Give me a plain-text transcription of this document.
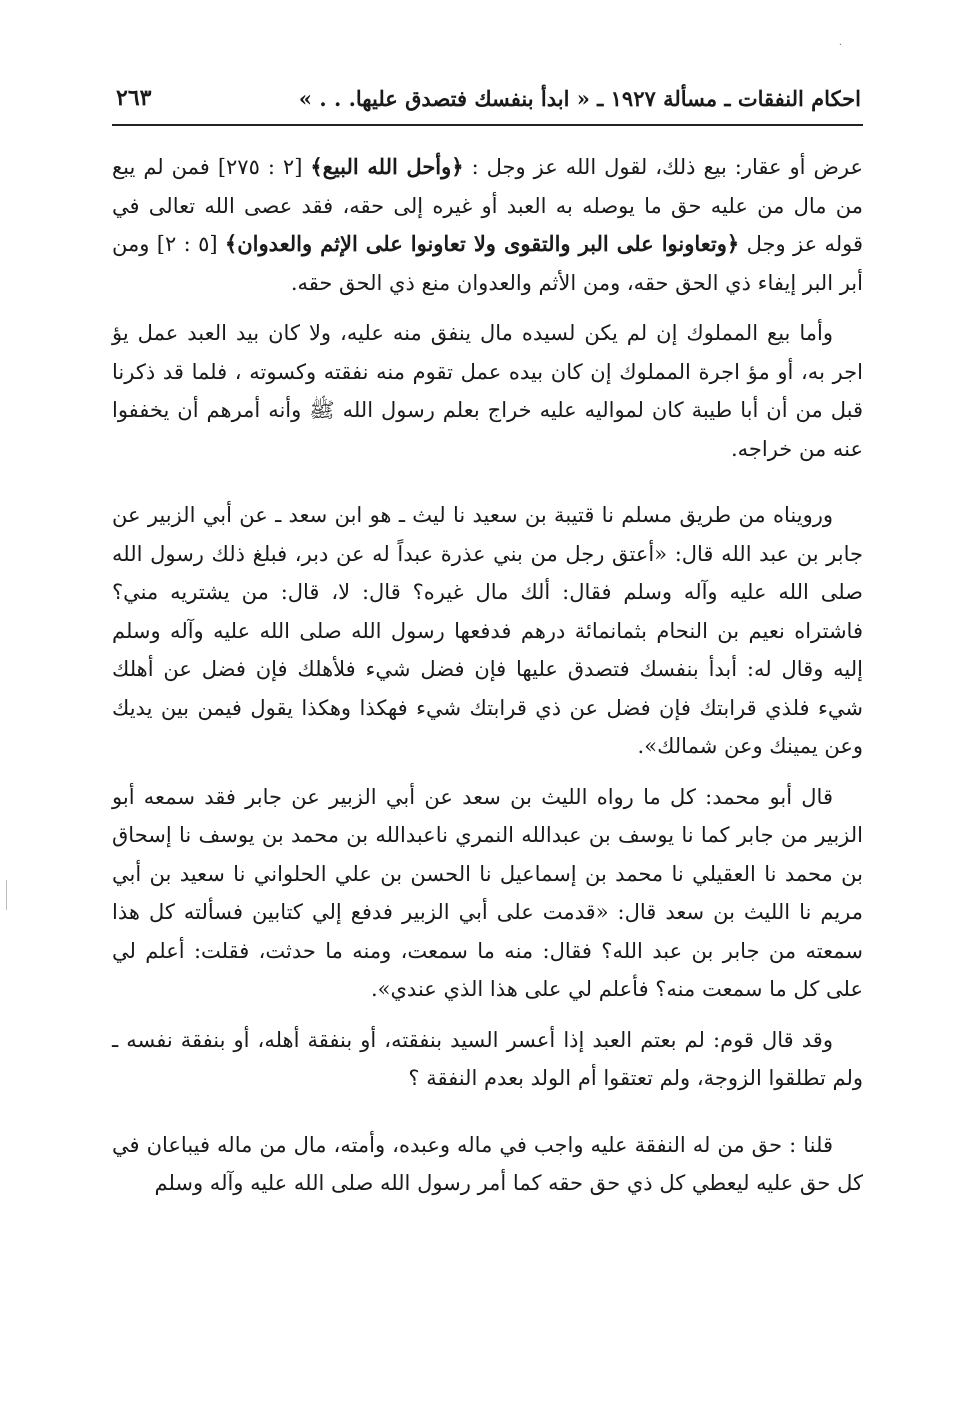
·
احكام النفقات ـ مسألة ١٩٢٧ ـ « ابدأ بنفسك فتصدق عليها. . . »
٢٦٣

عرض أو عقار: بيع ذلك، لقول الله عز وجل : ﴿وأحل الله البيع﴾ [٢ : ٢٧٥] فمن لم يبع من مال من عليه حق ما يوصله به العبد أو غيره إلى حقه، فقد عصى الله تعالى في قوله عز وجل ﴿وتعاونوا على البر والتقوى ولا تعاونوا على الإثم والعدوان﴾ [٥ : ٢] ومن أبر البر إيفاء ذي الحق حقه، ومن الأثم والعدوان منع ذي الحق حقه.

وأما بيع المملوك إن لم يكن لسيده مال ينفق منه عليه، ولا كان بيد العبد عمل يؤ اجر به، أو مؤ اجرة المملوك إن كان بيده عمل تقوم منه نفقته وكسوته ، فلما قد ذكرنا قبل من أن أبا طيبة كان لمواليه عليه خراج بعلم رسول الله ﷺ وأنه أمرهم أن يخففوا عنه من خراجه.

ورويناه من طريق مسلم نا قتيبة بن سعيد نا ليث ـ هو ابن سعد ـ عن أبي الزبير عن جابر بن عبد الله قال: «أعتق رجل من بني عذرة عبداً له عن دبر، فبلغ ذلك رسول الله صلى الله عليه وآله وسلم فقال: ألك مال غيره؟ قال: لا، قال: من يشتريه مني؟ فاشتراه نعيم بن النحام بثمانمائة درهم فدفعها رسول الله صلى الله عليه وآله وسلم إليه وقال له: أبدأ بنفسك فتصدق عليها فإن فضل شيء فلأهلك فإن فضل عن أهلك شيء فلذي قرابتك فإن فضل عن ذي قرابتك شيء فهكذا وهكذا يقول فيمن بين يديك وعن يمينك وعن شمالك».

قال أبو محمد: كل ما رواه الليث بن سعد عن أبي الزبير عن جابر فقد سمعه أبو الزبير من جابر كما نا يوسف بن عبدالله النمري ناعبدالله بن محمد بن يوسف نا إسحاق بن محمد نا العقيلي نا محمد بن إسماعيل نا الحسن بن علي الحلواني نا سعيد بن أبي مريم نا الليث بن سعد قال: «قدمت على أبي الزبير فدفع إلي كتابين فسألته كل هذا سمعته من جابر بن عبد الله؟ فقال: منه ما سمعت، ومنه ما حدثت، فقلت: أعلم لي على كل ما سمعت منه؟ فأعلم لي على هذا الذي عندي».

وقد قال قوم: لم بعتم العبد إذا أعسر السيد بنفقته، أو بنفقة أهله، أو بنفقة نفسه ـ ولم تطلقوا الزوجة، ولم تعتقوا أم الولد بعدم النفقة ؟

قلنا : حق من له النفقة عليه واجب في ماله وعبده، وأمته، مال من ماله فيباعان في كل حق عليه ليعطي كل ذي حق حقه كما أمر رسول الله صلى الله عليه وآله وسلم
